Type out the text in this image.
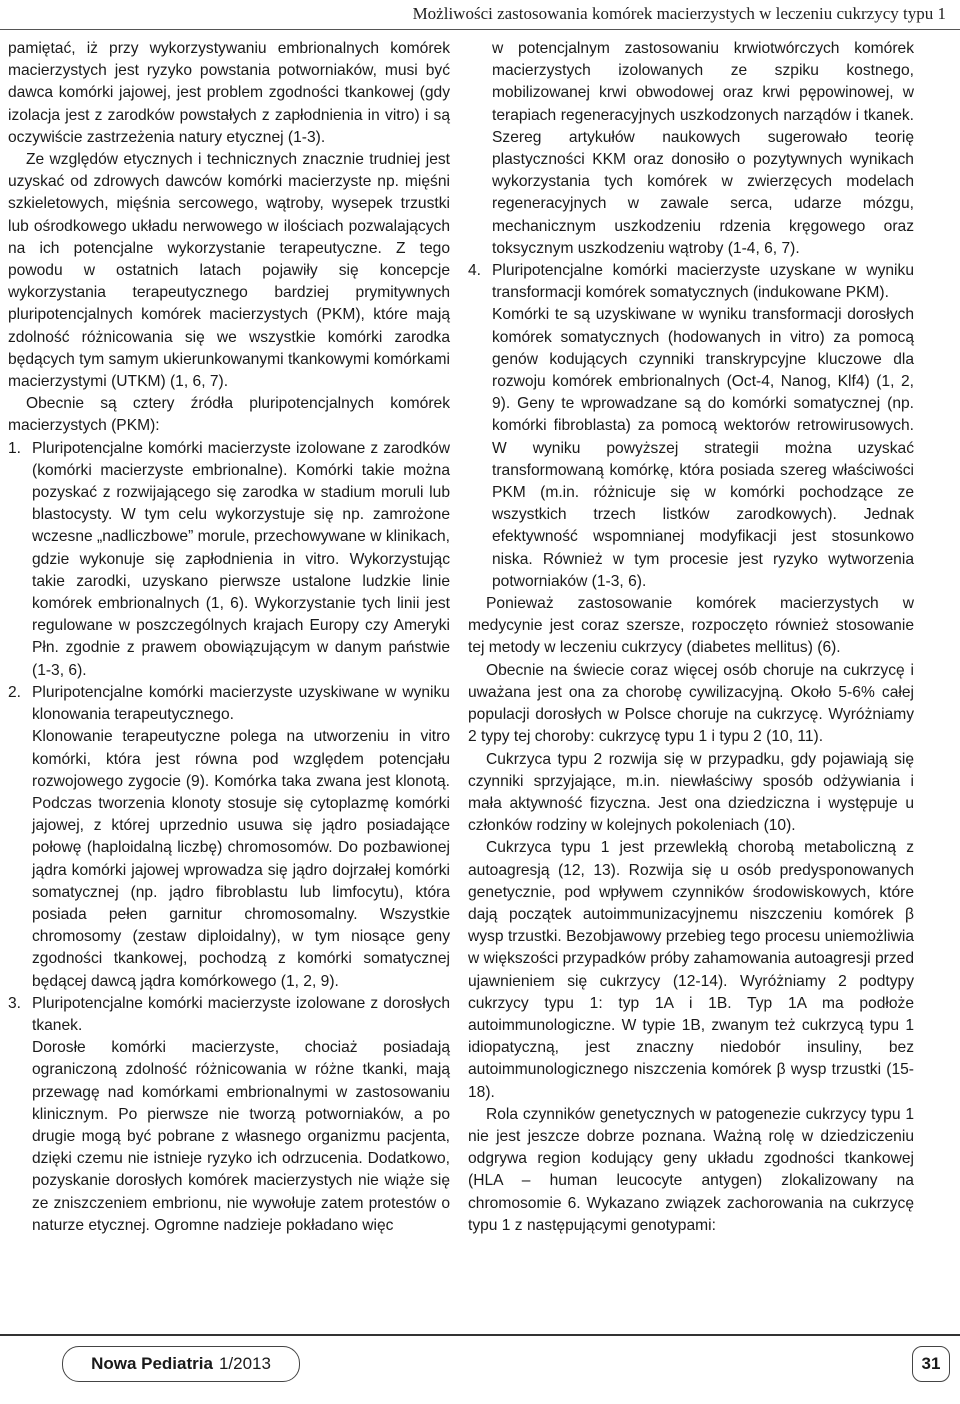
Możliwości zastosowania komórek macierzystych w leczeniu cukrzycy typu 1

pamiętać, iż przy wykorzystywaniu embrionalnych komórek macierzystych jest ryzyko powstania potworniaków, musi być dawca komórki jajowej, jest problem zgodności tkankowej (gdy izolacja jest z zarodków powstałych z zapłodnienia in vitro) i są oczywiście zastrzeżenia natury etycznej (1-3).

Ze względów etycznych i technicznych znacznie trudniej jest uzyskać od zdrowych dawców komórki macierzyste np. mięśni szkieletowych, mięśnia sercowego, wątroby, wysepek trzustki lub ośrodkowego układu nerwowego w ilościach pozwalających na ich potencjalne wykorzystanie terapeutyczne. Z tego powodu w ostatnich latach pojawiły się koncepcje wykorzystania terapeutycznego bardziej prymitywnych pluripotencjalnych komórek macierzystych (PKM), które mają zdolność różnicowania się we wszystkie komórki zarodka będących tym samym ukierunkowanymi tkankowymi komórkami macierzystymi (UTKM) (1, 6, 7).

Obecnie są cztery źródła pluripotencjalnych komórek macierzystych (PKM):

1. Pluripotencjalne komórki macierzyste izolowane z zarodków (komórki macierzyste embrionalne). Komórki takie można pozyskać z rozwijającego się zarodka w stadium moruli lub blastocysty. W tym celu wykorzystuje się np. zamrożone wczesne „nadliczbowe” morule, przechowywane w klinikach, gdzie wykonuje się zapłodnienia in vitro. Wykorzystując takie zarodki, uzyskano pierwsze ustalone ludzkie linie komórek embrionalnych (1, 6). Wykorzystanie tych linii jest regulowane w poszczególnych krajach Europy czy Ameryki Płn. zgodnie z prawem obowiązującym w danym państwie (1-3, 6).

2. Pluripotencjalne komórki macierzyste uzyskiwane w wyniku klonowania terapeutycznego.

Klonowanie terapeutyczne polega na utworzeniu in vitro komórki, która jest równa pod względem potencjału rozwojowego zygocie (9). Komórka taka zwana jest klonotą. Podczas tworzenia klonoty stosuje się cytoplazmę komórki jajowej, z której uprzednio usuwa się jądro posiadające połowę (haploidalną liczbę) chromosomów. Do pozbawionej jądra komórki jajowej wprowadza się jądro dojrzałej komórki somatycznej (np. jądro fibroblastu lub limfocytu), która posiada pełen garnitur chromosomalny. Wszystkie chromosomy (zestaw diploidalny), w tym niosące geny zgodności tkankowej, pochodzą z komórki somatycznej będącej dawcą jądra komórkowego (1, 2, 9).

3. Pluripotencjalne komórki macierzyste izolowane z dorosłych tkanek.

Dorosłe komórki macierzyste, chociaż posiadają ograniczoną zdolność różnicowania w różne tkanki, mają przewagę nad komórkami embrionalnymi w zastosowaniu klinicznym. Po pierwsze nie tworzą potworniaków, a po drugie mogą być pobrane z własnego organizmu pacjenta, dzięki czemu nie istnieje ryzyko ich odrzucenia. Dodatkowo, pozyskanie dorosłych komórek macierzystych nie wiąże się ze zniszczeniem embrionu, nie wywołuje zatem protestów o naturze etycznej. Ogromne nadzieje pokładano więc

w potencjalnym zastosowaniu krwiotwórczych komórek macierzystych izolowanych ze szpiku kostnego, mobilizowanej krwi obwodowej oraz krwi pępowinowej, w terapiach regeneracyjnych uszkodzonych narządów i tkanek. Szereg artykułów naukowych sugerowało teorię plastyczności KKM oraz donosiło o pozytywnych wynikach wykorzystania tych komórek w zwierzęcych modelach regeneracyjnych w zawale serca, udarze mózgu, mechanicznym uszkodzeniu rdzenia kręgowego oraz toksycznym uszkodzeniu wątroby (1-4, 6, 7).

4. Pluripotencjalne komórki macierzyste uzyskane w wyniku transformacji komórek somatycznych (indukowane PKM).

Komórki te są uzyskiwane w wyniku transformacji dorosłych komórek somatycznych (hodowanych in vitro) za pomocą genów kodujących czynniki transkrypcyjne kluczowe dla rozwoju komórek embrionalnych (Oct-4, Nanog, Klf4) (1, 2, 9). Geny te wprowadzane są do komórki somatycznej (np. komórki fibroblasta) za pomocą wektorów retrowirusowych. W wyniku powyższej strategii można uzyskać transformowaną komórkę, która posiada szereg właściwości PKM (m.in. różnicuje się w komórki pochodzące ze wszystkich trzech listków zarodkowych). Jednak efektywność wspomnianej modyfikacji jest stosunkowo niska. Również w tym procesie jest ryzyko wytworzenia potworniaków (1-3, 6).

Ponieważ zastosowanie komórek macierzystych w medycynie jest coraz szersze, rozpoczęto również stosowanie tej metody w leczeniu cukrzycy (diabetes mellitus) (6).

Obecnie na świecie coraz więcej osób choruje na cukrzycę i uważana jest ona za chorobę cywilizacyjną. Około 5-6% całej populacji dorosłych w Polsce choruje na cukrzycę. Wyróżniamy 2 typy tej choroby: cukrzycę typu 1 i typu 2 (10, 11).

Cukrzyca typu 2 rozwija się w przypadku, gdy pojawiają się czynniki sprzyjające, m.in. niewłaściwy sposób odżywiania i mała aktywność fizyczna. Jest ona dziedziczna i występuje u członków rodziny w kolejnych pokoleniach (10).

Cukrzyca typu 1 jest przewlekłą chorobą metaboliczną z autoagresją (12, 13). Rozwija się u osób predysponowanych genetycznie, pod wpływem czynników środowiskowych, które dają początek autoimmunizacyjnemu niszczeniu komórek β wysp trzustki. Bezobjawowy przebieg tego procesu uniemożliwia w większości przypadków próby zahamowania autoagresji przed ujawnieniem się cukrzycy (12-14). Wyróżniamy 2 podtypy cukrzycy typu 1: typ 1A i 1B. Typ 1A ma podłoże autoimmunologiczne. W typie 1B, zwanym też cukrzycą typu 1 idiopatyczną, jest znaczny niedobór insuliny, bez autoimmunologicznego niszczenia komórek β wysp trzustki (15-18).

Rola czynników genetycznych w patogenezie cukrzycy typu 1 nie jest jeszcze dobrze poznana. Ważną rolę w dziedziczeniu odgrywa region kodujący geny układu zgodności tkankowej (HLA – human leucocyte antygen) zlokalizowany na chromosomie 6. Wykazano związek zachorowania na cukrzycę typu 1 z następującymi genotypami:

Nowa Pediatria 1/2013	31
